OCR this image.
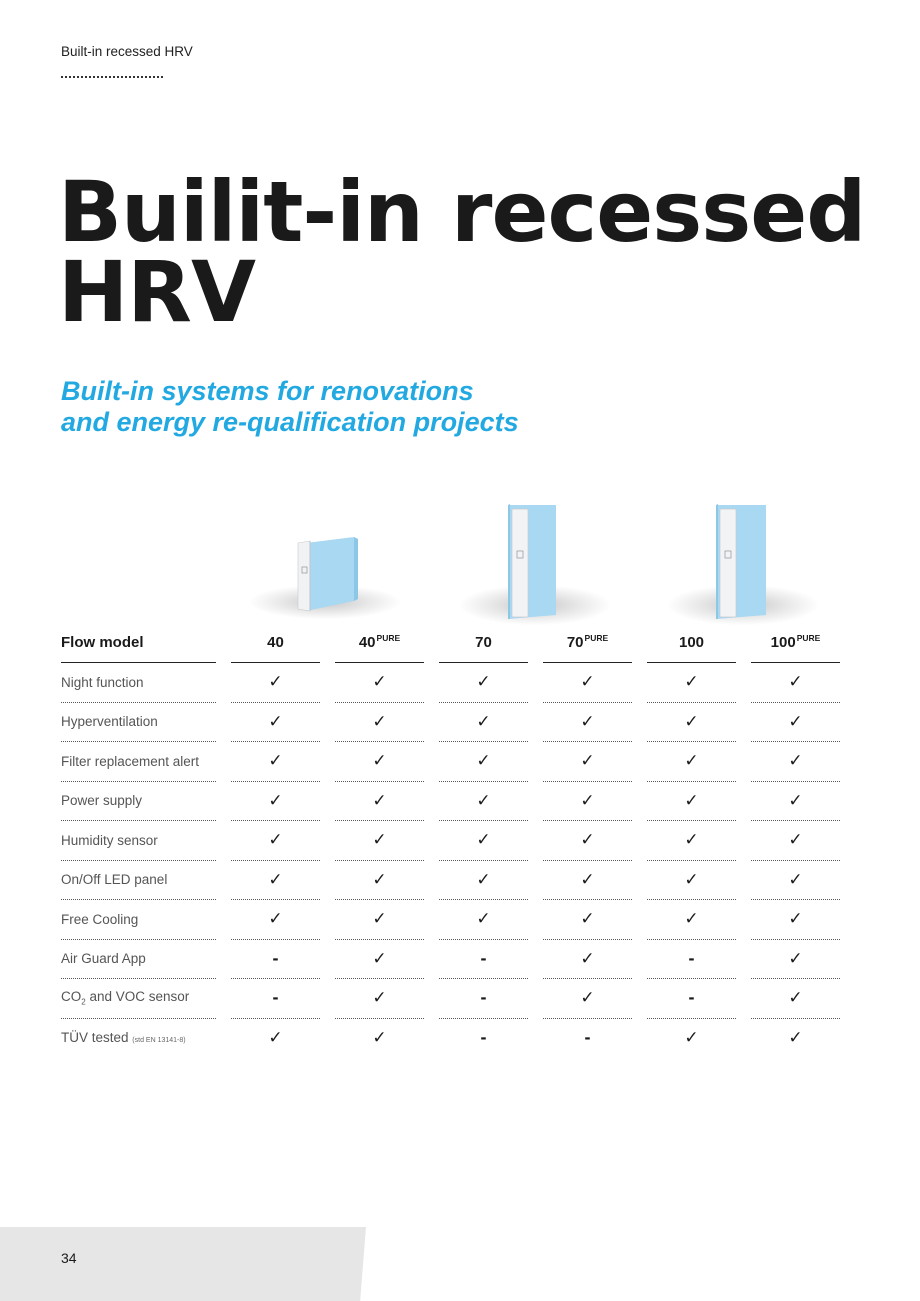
Built-in recessed HRV
Builit-in recessed HRV
Built-in systems for renovations
and energy re-qualification projects
Flow model		40		$40^{PURE}$		70		$70^{PURE}$		100		$100^{PURE}$
Night function		✓		✓		✓		✓		✓		✓
Hyperventilation		✓		✓		✓		✓		✓		✓
Filter replacement alert		✓		✓		✓		✓		✓		✓
Power supply		✓		✓		✓		✓		✓		✓
Humidity sensor		✓		✓		✓		✓		✓		✓
On/Off LED panel		✓		✓		✓		✓		✓		✓
Free Cooling		✓		✓		✓		✓		✓		✓
Air Guard App		-		✓		-		✓		-		✓
$CO_2$ and VOC sensor		-		✓		-		✓		-		✓
TÜV tested (std EN 13141-8)		✓		✓		-		-		✓		✓
34
